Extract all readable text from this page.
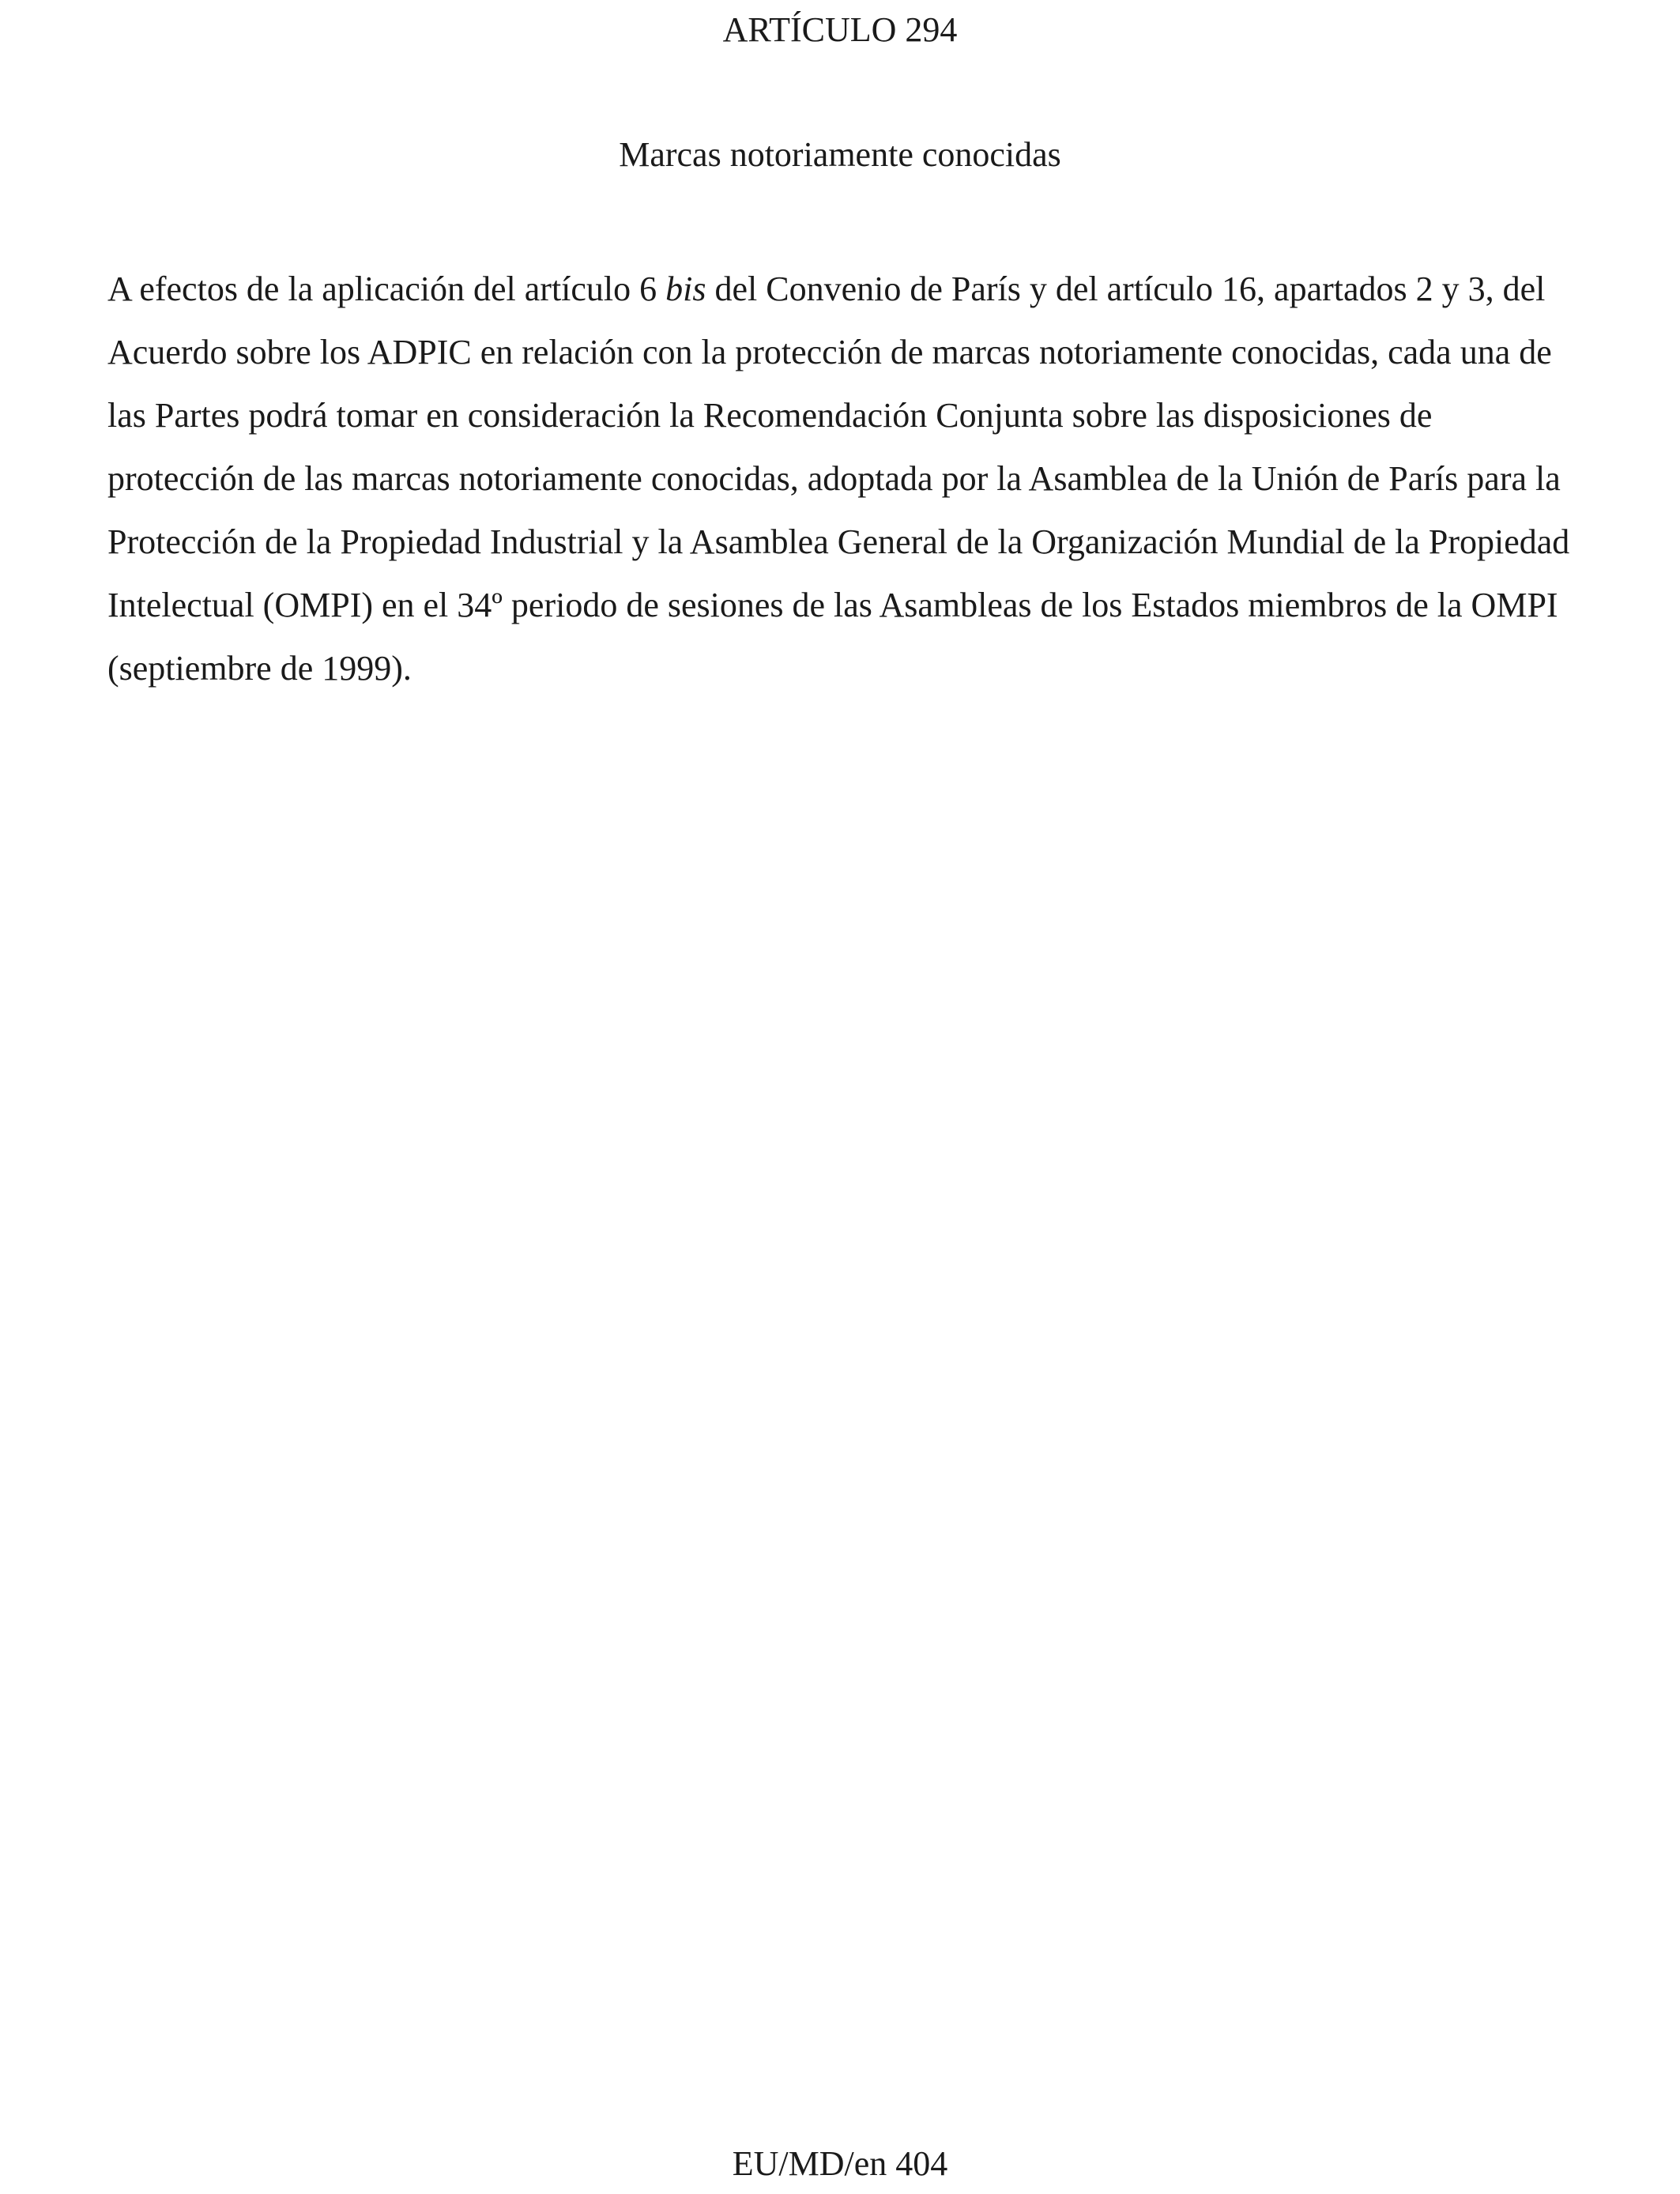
ARTÍCULO 294
Marcas notoriamente conocidas

A efectos de la aplicación del artículo 6 bis del Convenio de París y del artículo 16, apartados 2 y 3, del Acuerdo sobre los ADPIC en relación con la protección de marcas notoriamente conocidas, cada una de las Partes podrá tomar en consideración la Recomendación Conjunta sobre las disposiciones de protección de las marcas notoriamente conocidas, adoptada por la Asamblea de la Unión de París para la Protección de la Propiedad Industrial y la Asamblea General de la Organización Mundial de la Propiedad Intelectual (OMPI) en el 34º periodo de sesiones de las Asambleas de los Estados miembros de la OMPI (septiembre de 1999).

EU/MD/en 404
